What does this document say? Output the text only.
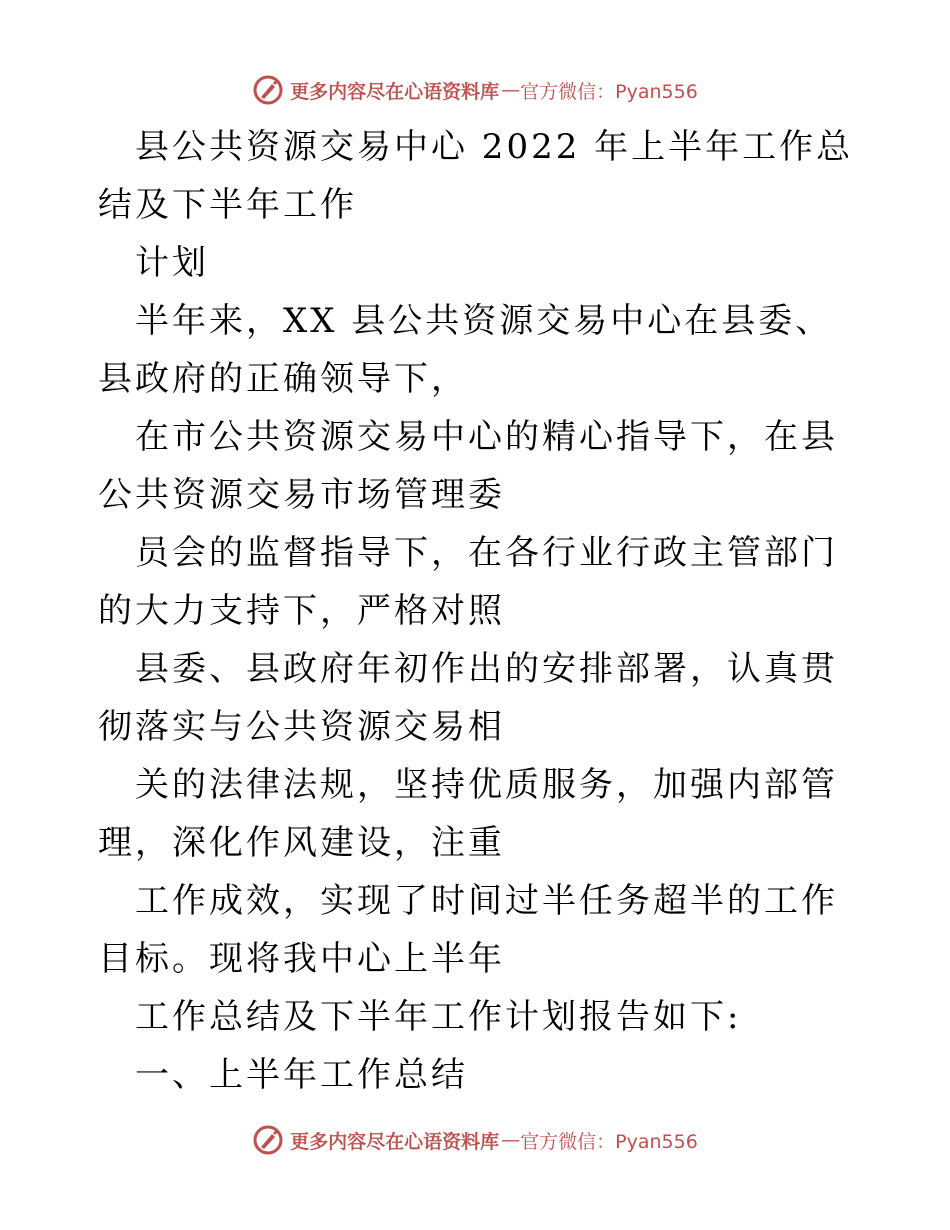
更多内容尽在心语资料库 — 官方微信：Pyan556

县公共资源交易中心 2022 年上半年工作总结及下半年工作

计划

半年来，XX 县公共资源交易中心在县委、县政府的正确领导下，

在市公共资源交易中心的精心指导下，在县公共资源交易市场管理委

员会的监督指导下，在各行业行政主管部门的大力支持下，严格对照

县委、县政府年初作出的安排部署，认真贯彻落实与公共资源交易相

关的法律法规，坚持优质服务，加强内部管理，深化作风建设，注重

工作成效，实现了时间过半任务超半的工作目标。现将我中心上半年

工作总结及下半年工作计划报告如下:

一、上半年工作总结

更多内容尽在心语资料库 — 官方微信：Pyan556
